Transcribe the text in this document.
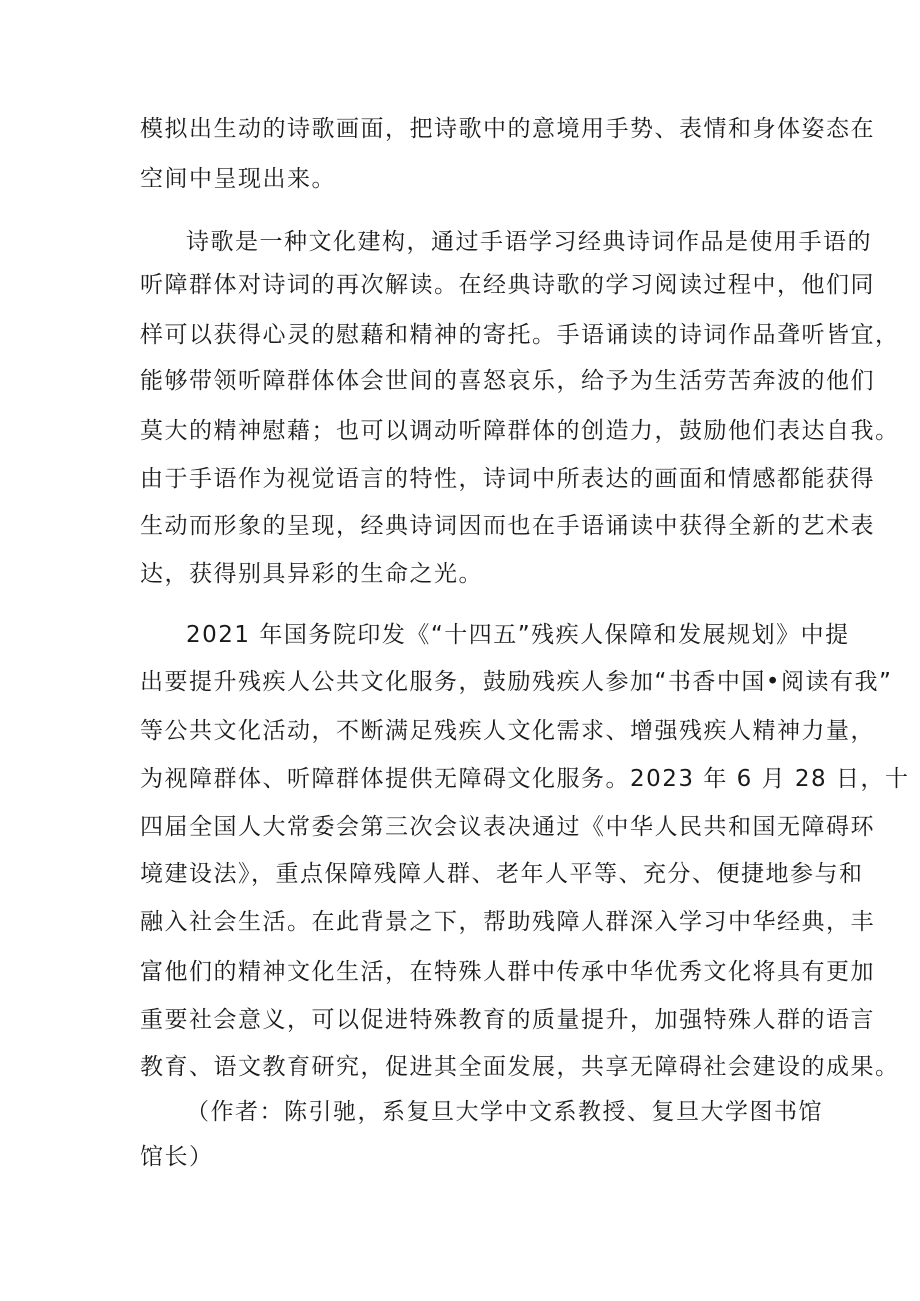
模拟出生动的诗歌画面，把诗歌中的意境用手势、表情和身体姿态在
空间中呈现出来。
诗歌是一种文化建构，通过手语学习经典诗词作品是使用手语的
听障群体对诗词的再次解读。在经典诗歌的学习阅读过程中，他们同
样可以获得心灵的慰藉和精神的寄托。手语诵读的诗词作品聋听皆宜，
能够带领听障群体体会世间的喜怒哀乐，给予为生活劳苦奔波的他们
莫大的精神慰藉；也可以调动听障群体的创造力，鼓励他们表达自我。
由于手语作为视觉语言的特性，诗词中所表达的画面和情感都能获得
生动而形象的呈现，经典诗词因而也在手语诵读中获得全新的艺术表
达，获得别具异彩的生命之光。
2021 年国务院印发《“十四五”残疾人保障和发展规划》中提
出要提升残疾人公共文化服务，鼓励残疾人参加“书香中国•阅读有我”
等公共文化活动，不断满足残疾人文化需求、增强残疾人精神力量，
为视障群体、听障群体提供无障碍文化服务。2023 年 6 月 28 日，十
四届全国人大常委会第三次会议表决通过《中华人民共和国无障碍环
境建设法》，重点保障残障人群、老年人平等、充分、便捷地参与和
融入社会生活。在此背景之下，帮助残障人群深入学习中华经典，丰
富他们的精神文化生活，在特殊人群中传承中华优秀文化将具有更加
重要社会意义，可以促进特殊教育的质量提升，加强特殊人群的语言
教育、语文教育研究，促进其全面发展，共享无障碍社会建设的成果。
（作者：陈引驰，系复旦大学中文系教授、复旦大学图书馆
馆长）
